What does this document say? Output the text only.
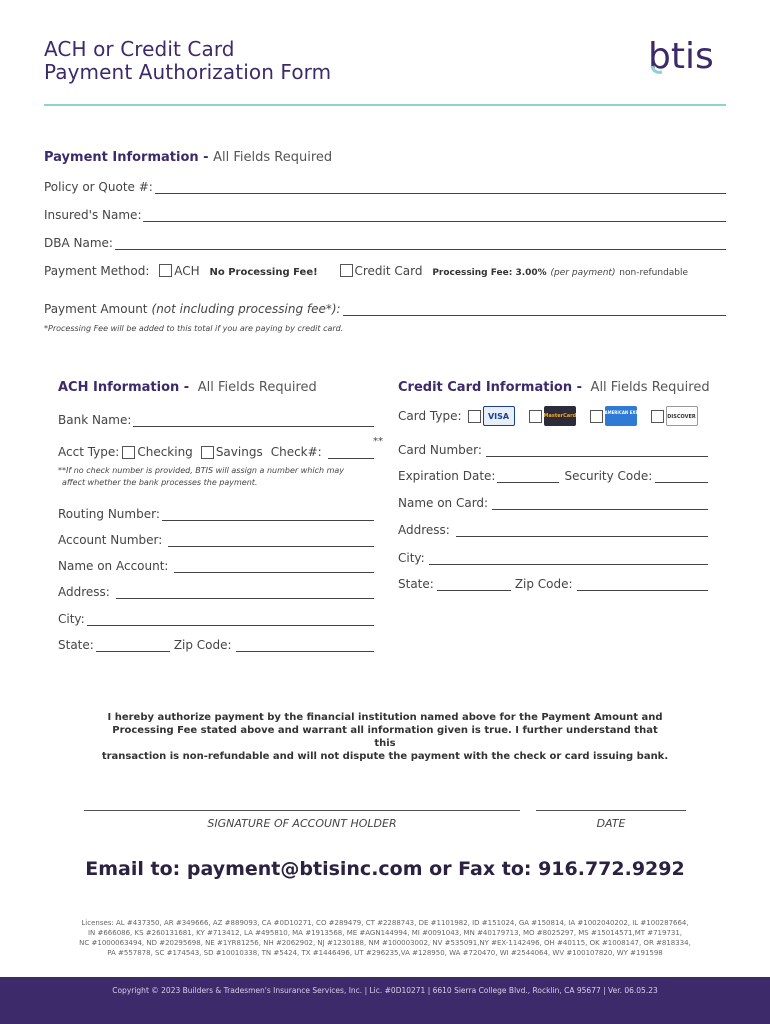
ACH or Credit Card
Payment Authorization Form	btis
Payment Information - All Fields Required
Policy or Quote #:
Insured's Name:
DBA Name:
Payment Method: ACH No Processing Fee!	Credit Card Processing Fee: 3.00% (per payment) non-refundable
Payment Amount (not including processing fee*):
*Processing Fee will be added to this total if you are paying by credit card.
ACH Information - All Fields Required
Bank Name:
**
Acct Type: Checking Savings Check#:
**If no check number is provided, BTIS will assign a number which may
affect whether the bank processes the payment.
Routing Number:
Account Number:
Name on Account:
Address:
City:
State:	Zip Code:
Credit Card Information - All Fields Required
Card Type:	VISA	MasterCard
AMERICAN EXPRESS
DISCOVER
Card Number:
Expiration Date:	Security Code:
Name on Card:
Address:
City:
State:	Zip Code:
I hereby authorize payment by the financial institution named above for the Payment Amount and
Processing Fee stated above and warrant all information given is true. I further understand that this
transaction is non-refundable and will not dispute the payment with the check or card issuing bank.
SIGNATURE OF ACCOUNT HOLDER	DATE
Email to: payment@btisinc.com or Fax to: 916.772.9292
Licenses: AL #437350, AR #349666, AZ #889093, CA #0D10271, CO #289479, CT #2288743, DE #1101982, ID #151024, GA #150814, IA #1002040202, IL #100287664,
IN #666086, KS #260131681, KY #713412, LA #495810, MA #1913568, ME #AGN144994, MI #0091043, MN #40179713, MO #8025297, MS #15014571,MT #719731,
NC #1000063494, ND #20295698, NE #1YR81256, NH #2062902, NJ #1230188, NM #100003002, NV #535091,NY #EX-1142496, OH #40115, OK #1008147, OR #818334,
PA #557878, SC #174543, SD #10010338, TN #5424, TX #1446496, UT #296235,VA #128950, WA #720470, WI #2544064, WV #100107820, WY #191598
Copyright © 2023 Builders & Tradesmen's Insurance Services, Inc. | Lic. #0D10271 | 6610 Sierra College Blvd., Rocklin, CA 95677 | Ver. 06.05.23
